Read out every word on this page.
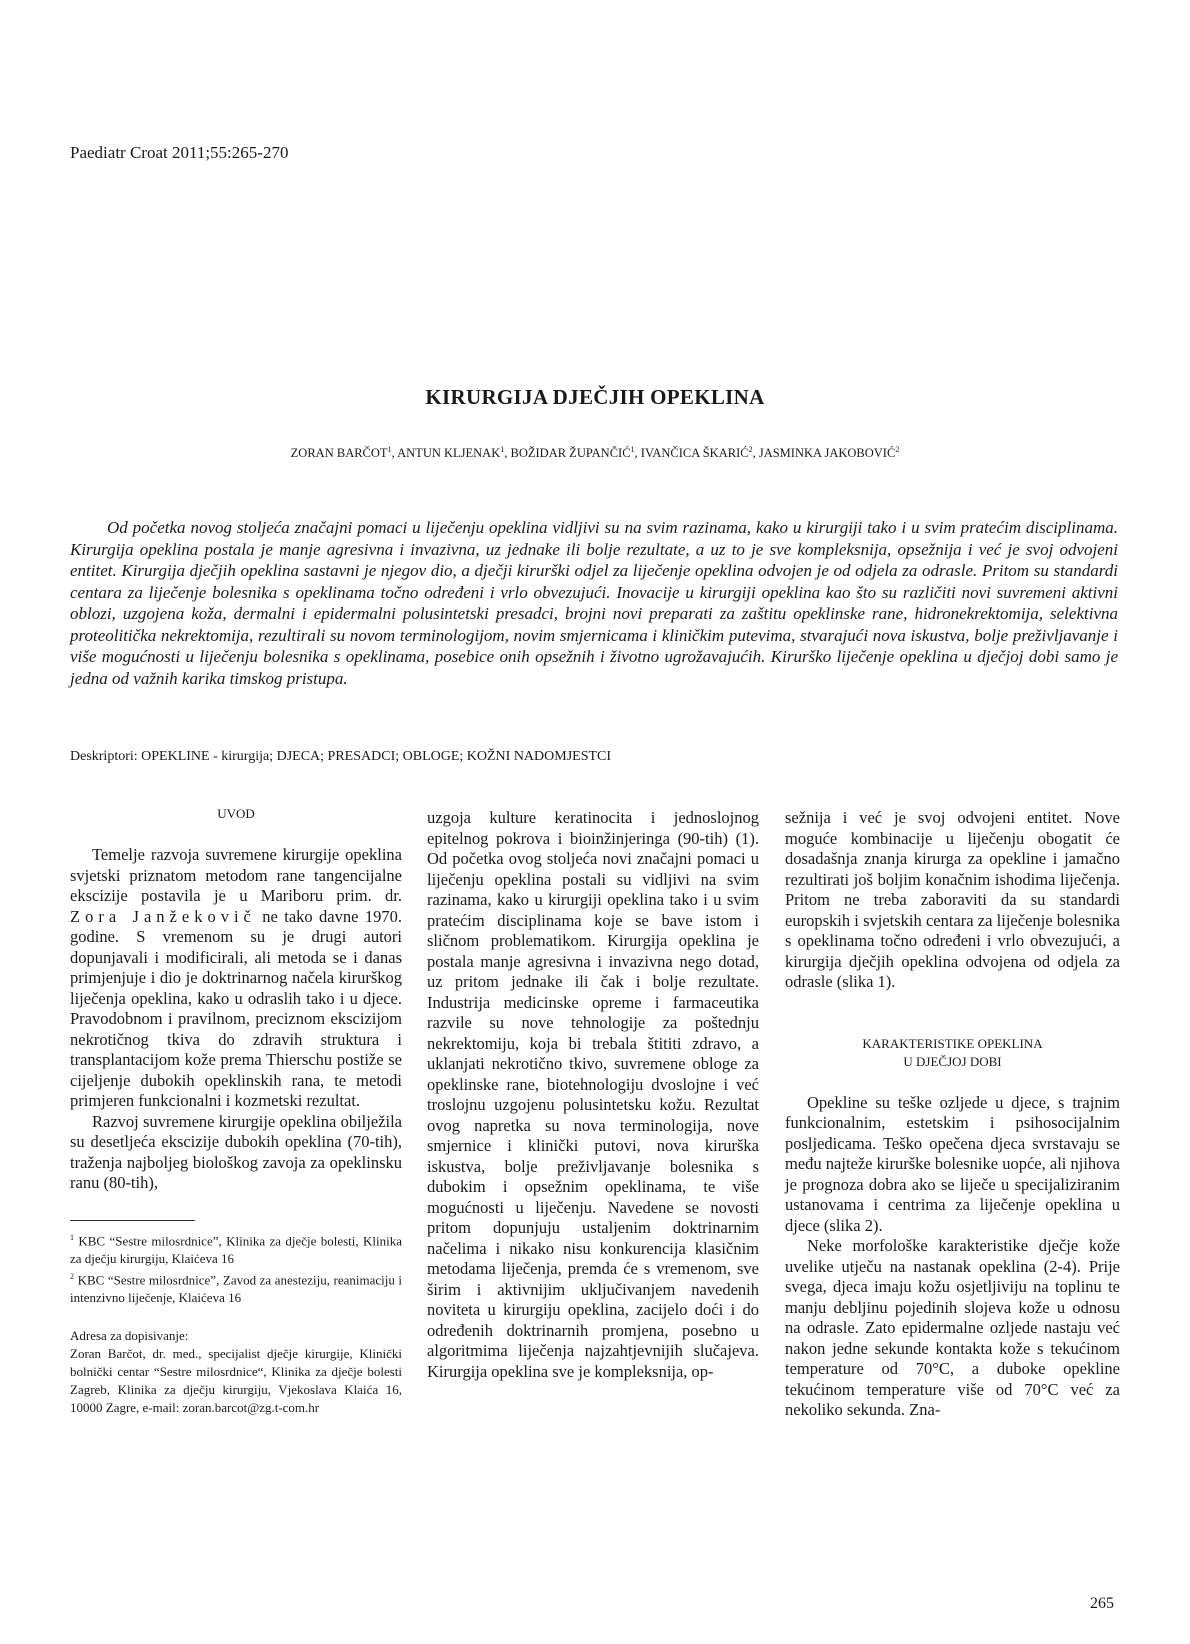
Paediatr Croat 2011;55:265-270
KIRURGIJA DJEČJIH OPEKLINA
ZORAN BARČOT$^1$, ANTUN KLJENAK$^1$, BOŽIDAR ŽUPANČIĆ$^1$, IVANČICA ŠKARIĆ$^2$, JASMINKA JAKOBOVIĆ$^2$

Od početka novog stoljeća značajni pomaci u liječenju opeklina vidljivi su na svim razinama, kako u kirurgiji tako i u svim pratećim disciplinama. Kirurgija opeklina postala je manje agresivna i invazivna, uz jednake ili bolje rezultate, a uz to je sve kompleksnija, opsežnija i već je svoj odvojeni entitet. Kirurgija dječjih opeklina sastavni je njegov dio, a dječji kirurški odjel za liječenje opeklina odvojen je od odjela za odrasle. Pritom su standardi centara za liječenje bolesnika s opeklinama točno određeni i vrlo obvezujući. Inovacije u kirurgiji opeklina kao što su različiti novi suvremeni aktivni oblozi, uzgojena koža, dermalni i epidermalni polusintetski presadci, brojni novi preparati za zaštitu opeklinske rane, hidronekrektomija, selektivna proteolitička nekrektomija, rezultirali su novom terminologijom, novim smjernicama i kliničkim putevima, stvarajući nova iskustva, bolje preživljavanje i više mogućnosti u liječenju bolesnika s opeklinama, posebice onih opsežnih i životno ugrožavajućih. Kirurško liječenje opeklina u dječjoj dobi samo je jedna od važnih karika timskog pristupa.

Deskriptori: OPEKLINE - kirurgija; DJECA; PRESADCI; OBLOGE; KOŽNI NADOMJESTCI

UVOD

Temelje razvoja suvremene kirurgije opeklina svjetski priznatom metodom rane tangencijalne ekscizije postavila je u Mariboru prim. dr. Zora Janžekovič ne tako davne 1970. godine. S vremenom su je drugi autori dopunjavali i modificirali, ali metoda se i danas primjenjuje i dio je doktrinarnog načela kirurškog liječenja opeklina, kako u odraslih tako i u djece. Pravodobnom i pravilnom, preciznom ekscizijom nekrotičnog tkiva do zdravih struktura i transplantacijom kože prema Thierschu postiže se cijeljenje dubokih opeklinskih rana, te metodi primjeren funkcionalni i kozmetski rezultat.

Razvoj suvremene kirurgije opeklina obilježila su desetljeća ekscizije dubokih opeklina (70-tih), traženja najboljeg biološkog zavoja za opeklinsku ranu (80-tih),

$^1$ KBC “Sestre milosrdnice”, Klinika za dječje bolesti, Klinika za dječju kirurgiju, Klaićeva 16

$^2$ KBC “Sestre milosrdnice”, Zavod za anesteziju, reanimaciju i intenzivno liječenje, Klaićeva 16

Adresa za dopisivanje:

Zoran Barčot, dr. med., specijalist dječje kirurgije, Klinički bolnički centar “Sestre milosrdnice“, Klinika za dječje bolesti Zagreb, Klinika za dječju kirurgiju, Vjekoslava Klaića 16, 10000 Zagre, e-mail: zoran.barcot@zg.t-com.hr

uzgoja kulture keratinocita i jednoslojnog epitelnog pokrova i bioinžinjeringa (90-tih) (1). Od početka ovog stoljeća novi značajni pomaci u liječenju opeklina postali su vidljivi na svim razinama, kako u kirurgiji opeklina tako i u svim pratećim disciplinama koje se bave istom i sličnom problematikom. Kirurgija opeklina je postala manje agresivna i invazivna nego dotad, uz pritom jednake ili čak i bolje rezultate. Industrija medicinske opreme i farmaceutika razvile su nove tehnologije za poštednju nekrektomiju, koja bi trebala štititi zdravo, a uklanjati nekrotično tkivo, suvremene obloge za opeklinske rane, biotehnologiju dvoslojne i već troslojnu uzgojenu polusintetsku kožu. Rezultat ovog napretka su nova terminologija, nove smjernice i klinički putovi, nova kirurška iskustva, bolje preživljavanje bolesnika s dubokim i opsežnim opeklinama, te više mogućnosti u liječenju. Navedene se novosti pritom dopunjuju ustaljenim doktrinarnim načelima i nikako nisu konkurencija klasičnim metodama liječenja, premda će s vremenom, sve širim i aktivnijim uključivanjem navedenih noviteta u kirurgiju opeklina, zacijelo doći i do određenih doktrinarnih promjena, posebno u algoritmima liječenja najzahtjevnijih slučajeva. Kirurgija opeklina sve je kompleksnija, op-

sežnija i već je svoj odvojeni entitet. Nove moguće kombinacije u liječenju obogatit će dosadašnja znanja kirurga za opekline i jamačno rezultirati još boljim konačnim ishodima liječenja. Pritom ne treba zaboraviti da su standardi europskih i svjetskih centara za liječenje bolesnika s opeklinama točno određeni i vrlo obvezujući, a kirurgija dječjih opeklina odvojena od odjela za odrasle (slika 1).

KARAKTERISTIKE OPEKLINA
U DJEČJOJ DOBI

Opekline su teške ozljede u djece, s trajnim funkcionalnim, estetskim i psihosocijalnim posljedicama. Teško opečena djeca svrstavaju se među najteže kirurške bolesnike uopće, ali njihova je prognoza dobra ako se liječe u specijaliziranim ustanovama i centrima za liječenje opeklina u djece (slika 2).

Neke morfološke karakteristike dječje kože uvelike utječu na nastanak opeklina (2-4). Prije svega, djeca imaju kožu osjetljiviju na toplinu te manju debljinu pojedinih slojeva kože u odnosu na odrasle. Zato epidermalne ozljede nastaju već nakon jedne sekunde kontakta kože s tekućinom temperature od 70°C, a duboke opekline tekućinom temperature više od 70°C već za nekoliko sekunda. Zna-

265
